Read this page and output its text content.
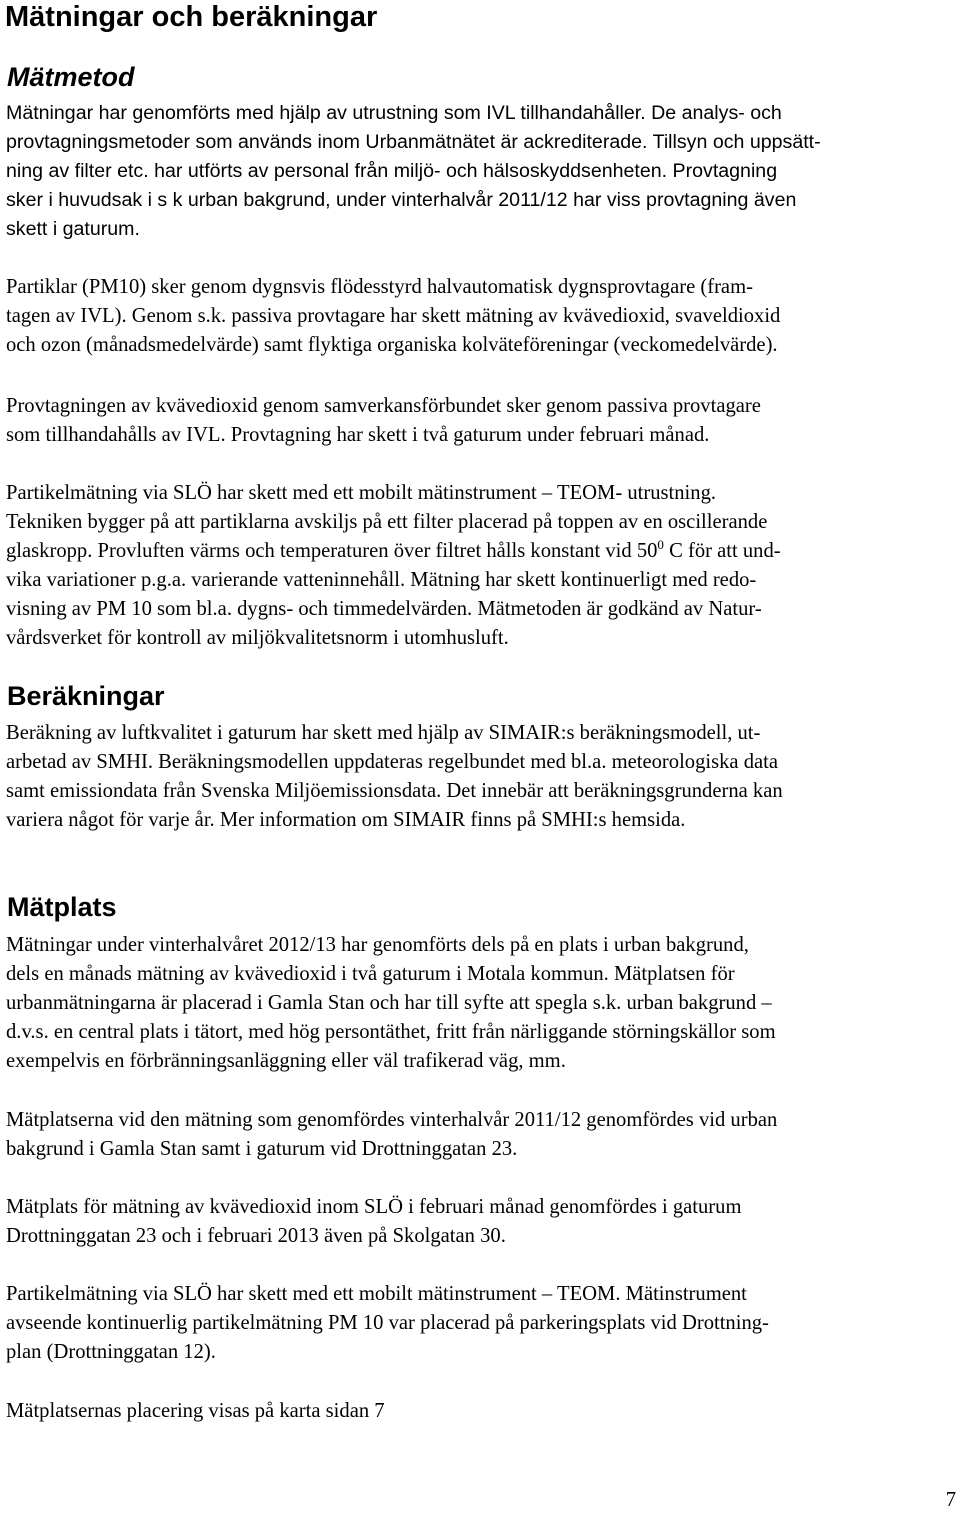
Mätningar och beräkningar
Mätmetod

Mätningar har genomförts med hjälp av utrustning som IVL tillhandahåller. De analys- och
provtagningsmetoder som används inom Urbanmätnätet är ackrediterade. Tillsyn och uppsätt-
ning av filter etc. har utförts av personal från miljö- och hälsoskyddsenheten. Provtagning
sker i huvudsak i s k urban bakgrund, under vinterhalvår 2011/12 har viss provtagning även
skett i gaturum.

Partiklar (PM10) sker genom dygnsvis flödesstyrd halvautomatisk dygnsprovtagare (fram-
tagen av IVL). Genom s.k. passiva provtagare har skett mätning av kvävedioxid, svaveldioxid
och ozon (månadsmedelvärde) samt flyktiga organiska kolväteföreningar (veckomedelvärde).

Provtagningen av kvävedioxid genom samverkansförbundet sker genom passiva provtagare
som tillhandahålls av IVL. Provtagning har skett i två gaturum under februari månad.

Partikelmätning via SLÖ har skett med ett mobilt mätinstrument – TEOM- utrustning.
Tekniken bygger på att partiklarna avskiljs på ett filter placerad på toppen av en oscillerande
glaskropp. Provluften värms och temperaturen över filtret hålls konstant vid $50^0$ C för att und-
vika variationer p.g.a. varierande vatteninnehåll. Mätning har skett kontinuerligt med redo-
visning av PM 10 som bl.a. dygns- och timmedelvärden. Mätmetoden är godkänd av Natur-
vårdsverket för kontroll av miljökvalitetsnorm i utomhusluft.

Beräkningar

Beräkning av luftkvalitet i gaturum har skett med hjälp av SIMAIR:s beräkningsmodell, ut-
arbetad av SMHI. Beräkningsmodellen uppdateras regelbundet med bl.a. meteorologiska data
samt emissiondata från Svenska Miljöemissionsdata. Det innebär att beräkningsgrunderna kan
variera något för varje år. Mer information om SIMAIR finns på SMHI:s hemsida.

Mätplats

Mätningar under vinterhalvåret 2012/13 har genomförts dels på en plats i urban bakgrund,
dels en månads mätning av kvävedioxid i två gaturum i Motala kommun. Mätplatsen för
urbanmätningarna är placerad i Gamla Stan och har till syfte att spegla s.k. urban bakgrund –
d.v.s. en central plats i tätort, med hög persontäthet, fritt från närliggande störningskällor som
exempelvis en förbränningsanläggning eller väl trafikerad väg, mm.

Mätplatserna vid den mätning som genomfördes vinterhalvår 2011/12 genomfördes vid urban
bakgrund i Gamla Stan samt i gaturum vid Drottninggatan 23.

Mätplats för mätning av kvävedioxid inom SLÖ i februari månad genomfördes i gaturum
Drottninggatan 23 och i februari 2013 även på Skolgatan 30.

Partikelmätning via SLÖ har skett med ett mobilt mätinstrument – TEOM. Mätinstrument
avseende kontinuerlig partikelmätning PM 10 var placerad på parkeringsplats vid Drottning-
plan (Drottninggatan 12).

Mätplatsernas placering visas på karta sidan 7

7
